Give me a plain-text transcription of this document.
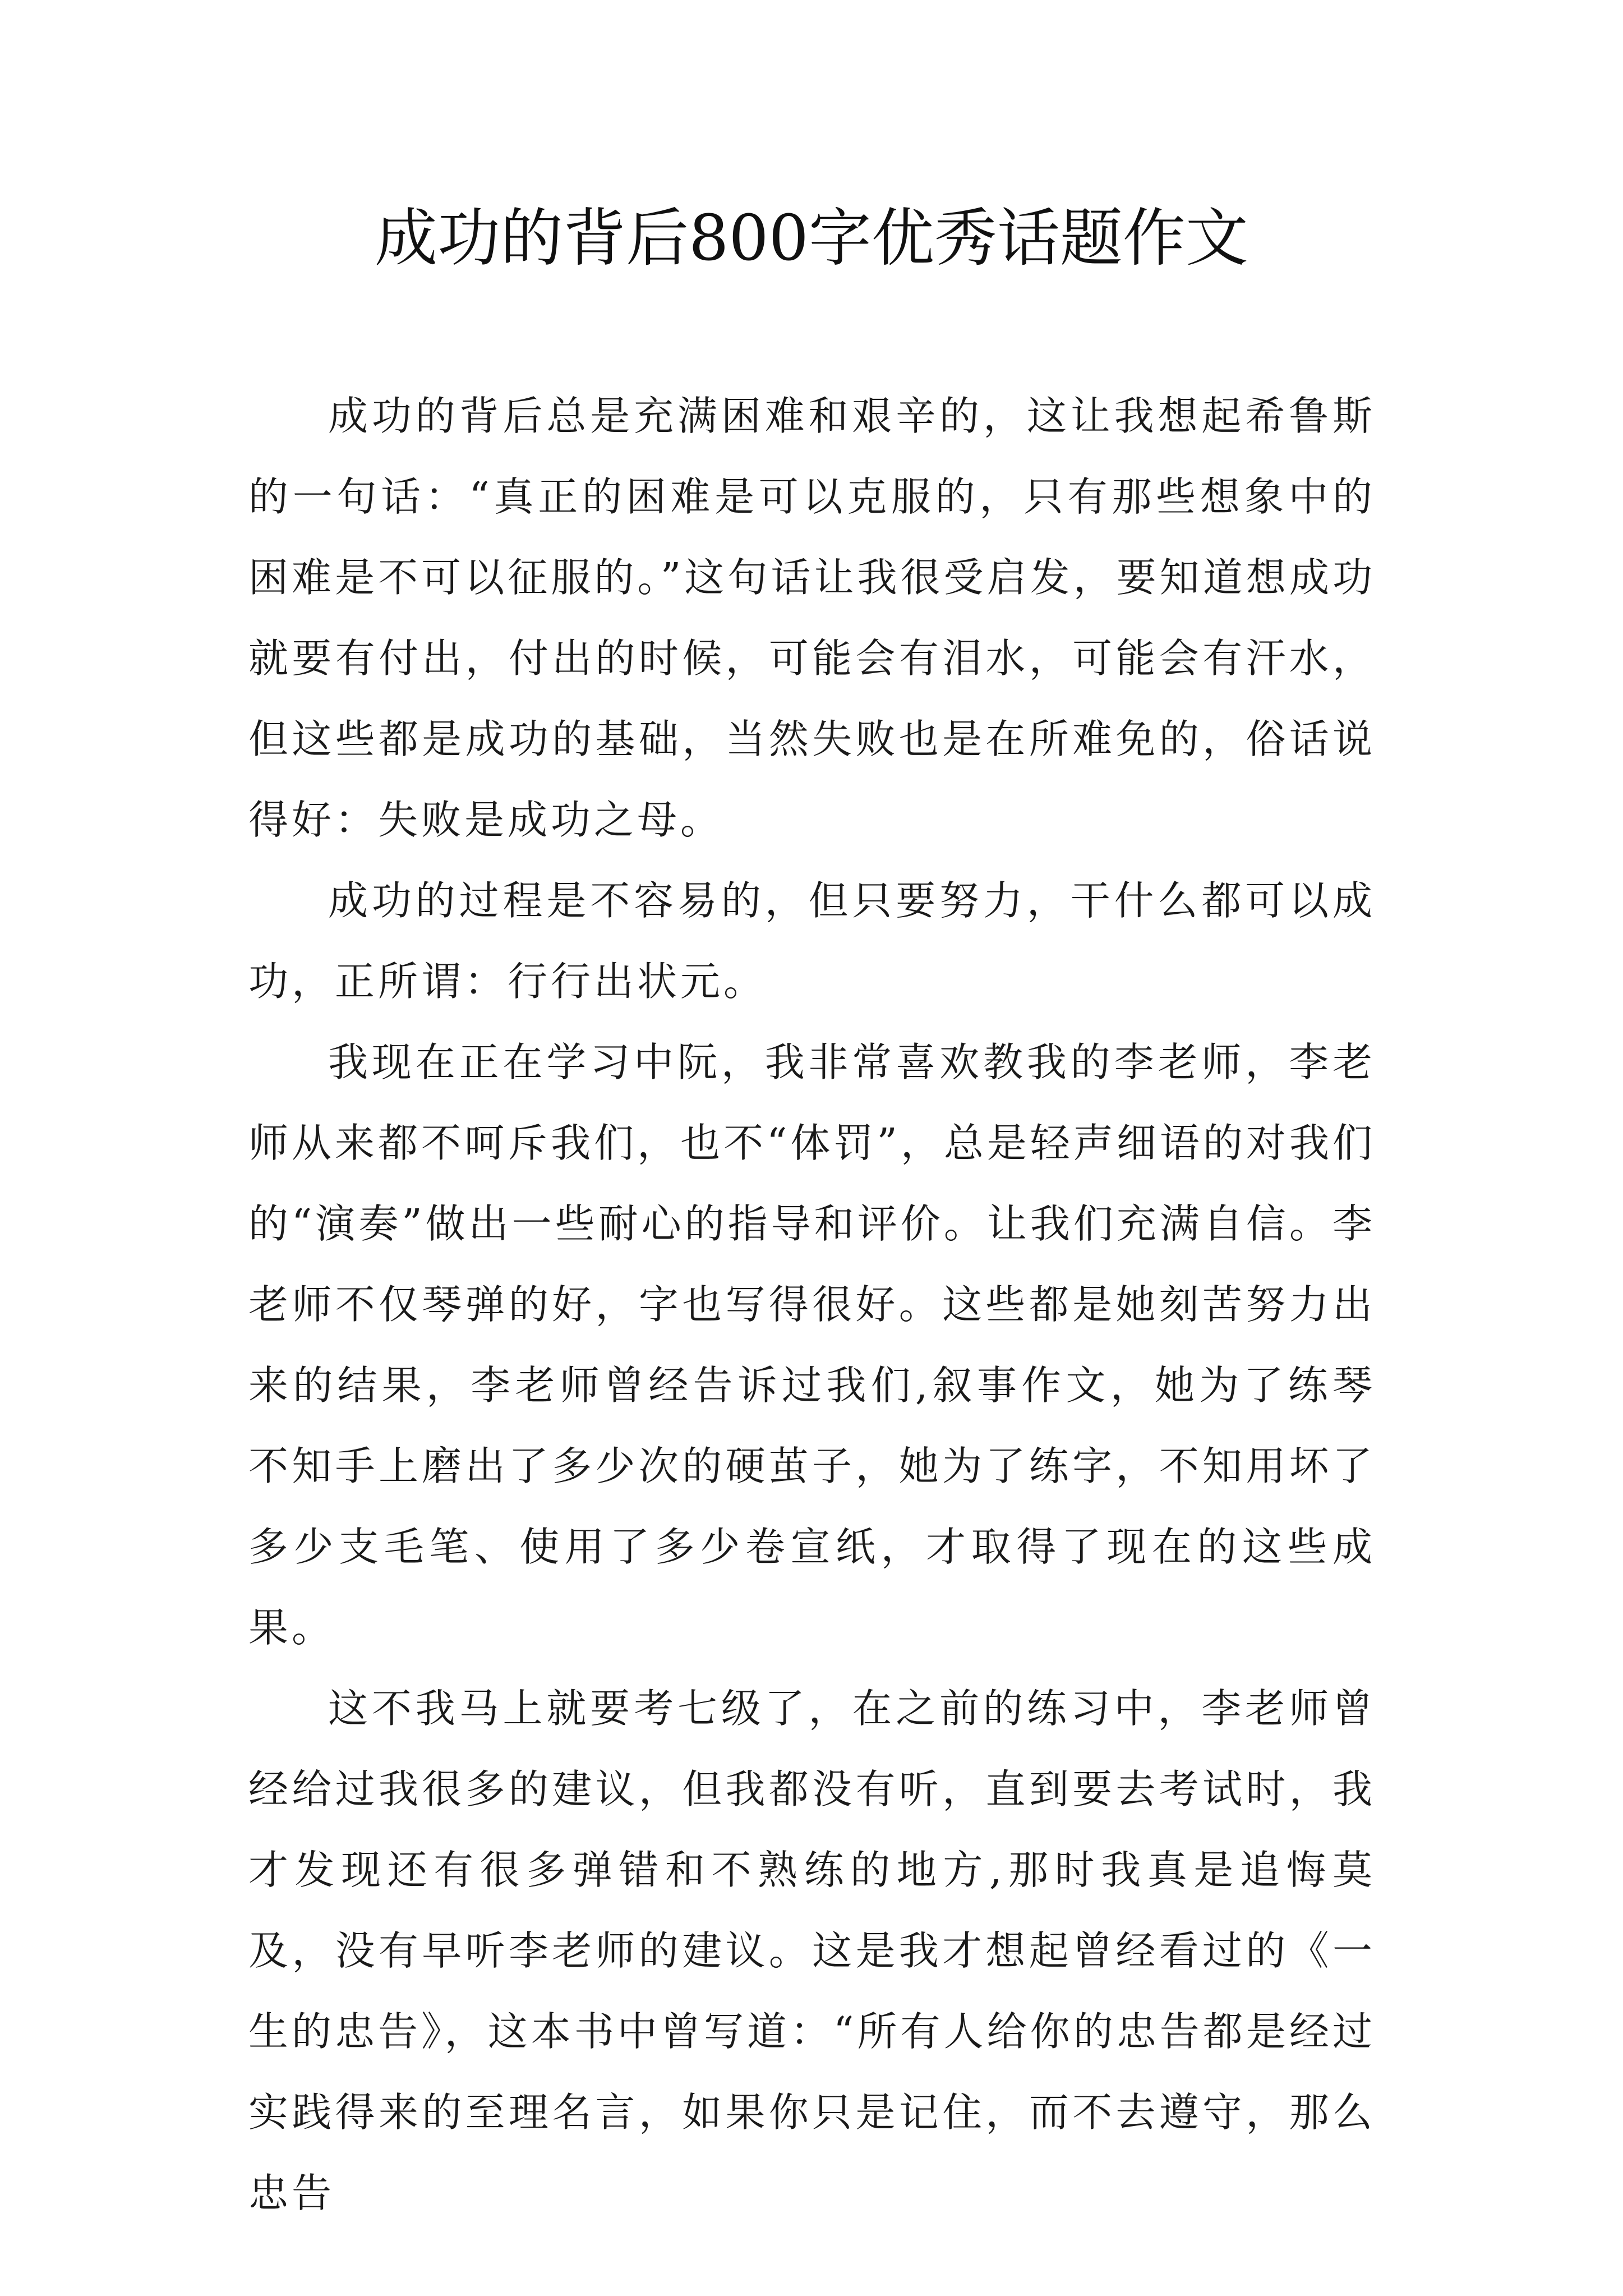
成功的背后800字优秀话题作文

成功的背后总是充满困难和艰辛的，这让我想起希鲁斯的一句话：“真正的困难是可以克服的，只有那些想象中的困难是不可以征服的。”这句话让我很受启发，要知道想成功就要有付出，付出的时候，可能会有泪水，可能会有汗水，但这些都是成功的基础，当然失败也是在所难免的，俗话说得好：失败是成功之母。

成功的过程是不容易的，但只要努力，干什么都可以成功，正所谓：行行出状元。

我现在正在学习中阮，我非常喜欢教我的李老师，李老师从来都不呵斥我们，也不“体罚”，总是轻声细语的对我们的“演奏”做出一些耐心的指导和评价。让我们充满自信。李老师不仅琴弹的好，字也写得很好。这些都是她刻苦努力出来的结果，李老师曾经告诉过我们,叙事作文，她为了练琴不知手上磨出了多少次的硬茧子，她为了练字，不知用坏了多少支毛笔、使用了多少卷宣纸，才取得了现在的这些成果。

这不我马上就要考七级了，在之前的练习中，李老师曾经给过我很多的建议，但我都没有听，直到要去考试时，我才发现还有很多弹错和不熟练的地方,那时我真是追悔莫及，没有早听李老师的建议。这是我才想起曾经看过的《一生的忠告》，这本书中曾写道：“所有人给你的忠告都是经过实践得来的至理名言，如果你只是记住，而不去遵守，那么忠告
